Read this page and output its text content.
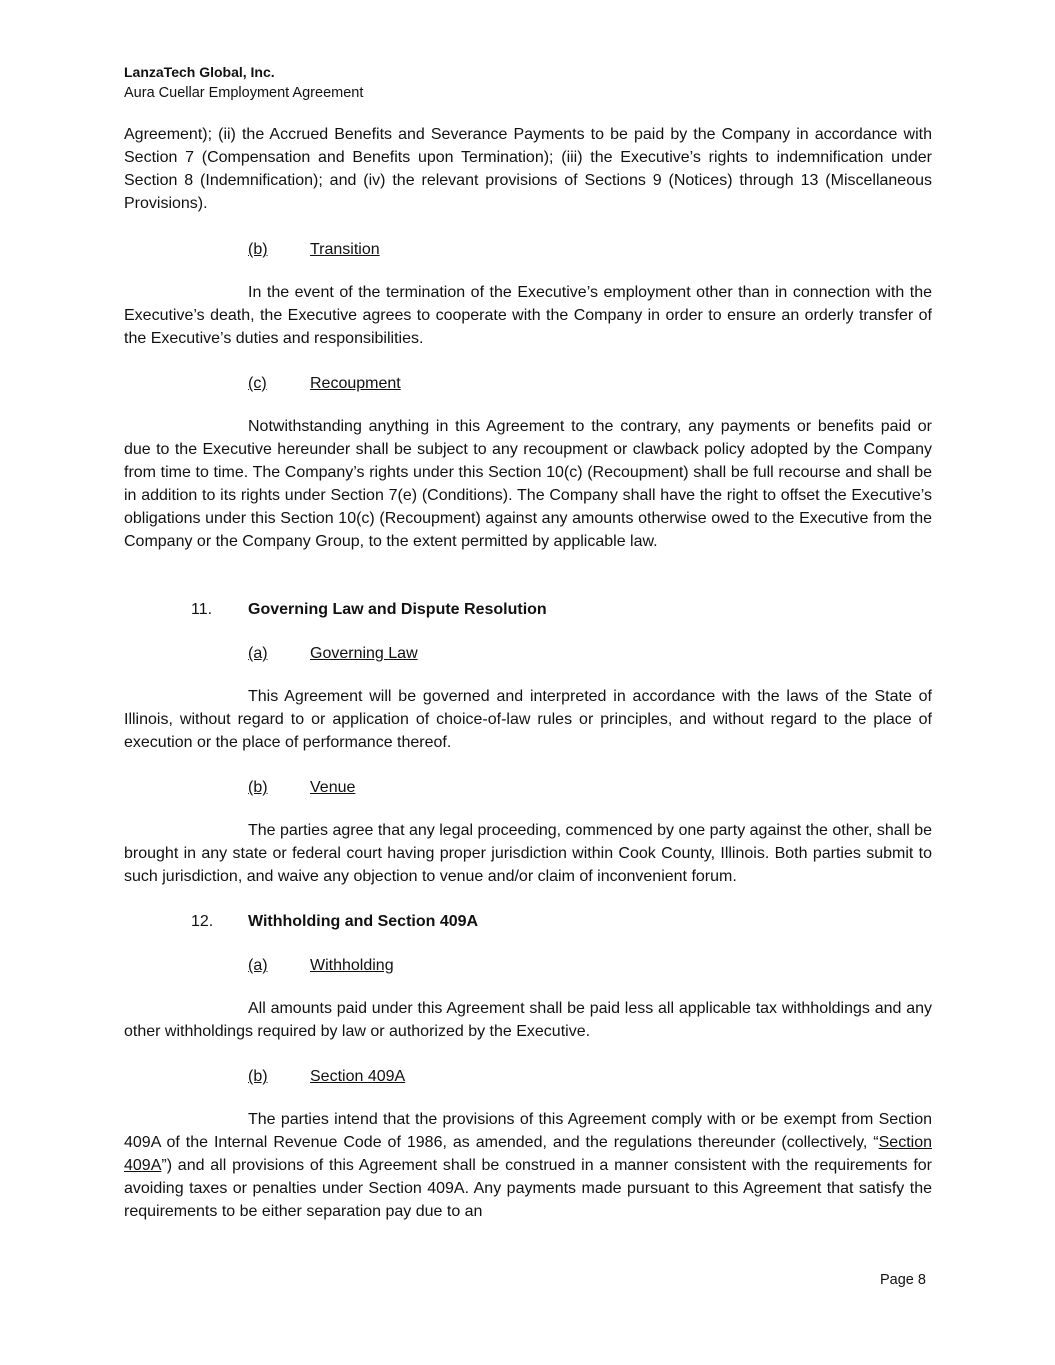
LanzaTech Global, Inc.
Aura Cuellar Employment Agreement

Agreement); (ii) the Accrued Benefits and Severance Payments to be paid by the Company in accordance with Section 7 (Compensation and Benefits upon Termination); (iii) the Executive’s rights to indemnification under Section 8 (Indemnification); and (iv) the relevant provisions of Sections 9 (Notices) through 13 (Miscellaneous Provisions).

(b)	Transition

In the event of the termination of the Executive’s employment other than in connection with the Executive’s death, the Executive agrees to cooperate with the Company in order to ensure an orderly transfer of the Executive’s duties and responsibilities.

(c)	Recoupment

Notwithstanding anything in this Agreement to the contrary, any payments or benefits paid or due to the Executive hereunder shall be subject to any recoupment or clawback policy adopted by the Company from time to time. The Company’s rights under this Section 10(c) (Recoupment) shall be full recourse and shall be in addition to its rights under Section 7(e) (Conditions). The Company shall have the right to offset the Executive’s obligations under this Section 10(c) (Recoupment) against any amounts otherwise owed to the Executive from the Company or the Company Group, to the extent permitted by applicable law.

11. Governing Law and Dispute Resolution
(a)	Governing Law

This Agreement will be governed and interpreted in accordance with the laws of the State of Illinois, without regard to or application of choice-of-law rules or principles, and without regard to the place of execution or the place of performance thereof.

(b)	Venue

The parties agree that any legal proceeding, commenced by one party against the other, shall be brought in any state or federal court having proper jurisdiction within Cook County, Illinois. Both parties submit to such jurisdiction, and waive any objection to venue and/or claim of inconvenient forum.

12. Withholding and Section 409A
(a)	Withholding

All amounts paid under this Agreement shall be paid less all applicable tax withholdings and any other withholdings required by law or authorized by the Executive.

(b)	Section 409A

The parties intend that the provisions of this Agreement comply with or be exempt from Section 409A of the Internal Revenue Code of 1986, as amended, and the regulations thereunder (collectively, “Section 409A”) and all provisions of this Agreement shall be construed in a manner consistent with the requirements for avoiding taxes or penalties under Section 409A. Any payments made pursuant to this Agreement that satisfy the requirements to be either separation pay due to an

Page 8
